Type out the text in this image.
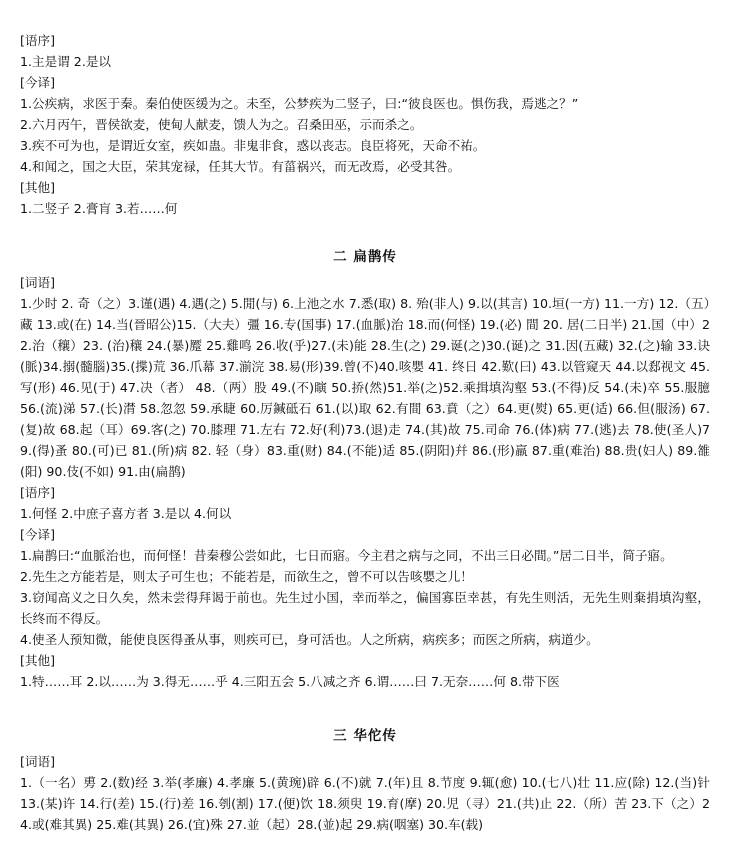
[语序]
1.主是谓 2.是以
[今译]
1.公疾病，求医于秦。秦伯使医缓为之。未至，公梦疾为二竖子，曰:“彼良医也。惧伤我，焉逃之？”
2.六月丙午，晋侯欲麦，使甸人献麦，馈人为之。召桑田巫，示而杀之。
3.疾不可为也，是谓近女室，疾如蛊。非鬼非食，惑以丧志。良臣将死，天命不祐。
4.和闻之，国之大臣，荣其宠禄，任其大节。有菑祸兴，而无改焉，必受其咎。
[其他]
1.二竖子 2.膏肓 3.若……何
二 扁鹊传
[词语]
1.少时 2. 奇（之）3.谨(遇) 4.遇(之) 5.閒(与) 6.上池之水 7.悉(取) 8. 殆(非人) 9.以(其言) 10.垣(一方) 11.一方) 12.（五）藏 13.或(在) 14.当(晉昭公)15.（大夫）彊 16.专(国事) 17.(血脈)治 18.而(何怪) 19.(必) 間 20. 居(二日半) 21.国（中）22.治（穰）23. (治)穰 24.(暴)蹷 25.雞鸣 26.收(乎)27.(未)能 28.生(之) 29.诞(之)30.(诞)之 31.因(五藏) 32.(之)输 33.诀(脈)34.搦(髓腦)35.(揲)荒 36.爪幕 37.湔浣 38.易(形)39.曾(不)40.咳嬰 41. 终日 42.歎(曰) 43.以管窥天 44.以郄视文 45.写(形) 46.见(于) 47.决（者） 48.（两）股 49.(不)瞚 50.挢(然)51.举(之)52.乘揖填沟壑 53.(不得)反 54.(未)卒 55.服臆 56.(流)涕 57.(长)潸 58.忽忽 59.承睫 60.厉鍼砥石 61.(以)取 62.有間 63.賁（之）64.更(熨) 65.更(适) 66.但(服汤) 67.(复)故 68.起（耳）69.客(之) 70.膝理 71.左右 72.好(利)73.(退)走 74.(其)故 75.司命 76.(体)病 77.(逃)去 78.使(圣人)79.(得)蚤 80.(可)已 81.(所)病 82. 轻（身）83.重(财) 84.(不能)适 85.(阴阳)幷 86.(形)羸 87.重(难治) 88.贵(妇人) 89.雒(阳) 90.伎(不如) 91.由(扁鹊)
[语序]
1.何怪 2.中庶子喜方者 3.是以 4.何以
[今译]
1.扁鹊曰:“血脈治也，而何怪！昔秦穆公尝如此，七日而寤。今主君之病与之同，不出三日必間。”居二日半，简子寤。
2.先生之方能若是，则太子可生也；不能若是，而欲生之，曾不可以告咳嬰之儿！
3.窃闻高义之日久矣，然未尝得拜谒于前也。先生过小国，幸而举之，偏国寡臣幸甚，有先生则活，无先生则棄捐填沟壑，长终而不得反。
4.使圣人预知微，能使良医得蚤从事，则疾可已，身可活也。人之所病，病疾多；而医之所病，病道少。
[其他]
1.特……耳 2.以……为 3.得无……乎 4.三阳五会 5.八减之齐 6.谓……曰 7.无奈……何 8.带下医
三 华佗传
[词语]
1.（一名）旉 2.(数)经 3.举(孝廉) 4.孝廉 5.(黄琬)辟 6.(不)就 7.(年)且 8.节度 9.辄(愈) 10.(七八)壮 11.应(除) 12.(当)针 13.(某)许 14.行(差) 15.(行)差 16.刳(割) 17.(便)饮 18.须臾 19.育(摩) 20.児（寻）21.(共)止 22.（所）苦 23.下（之）24.或(难其異) 25.难(其異) 26.(宜)殊 27.並（起）28.(並)起 29.病(咽塞) 30.车(载)
